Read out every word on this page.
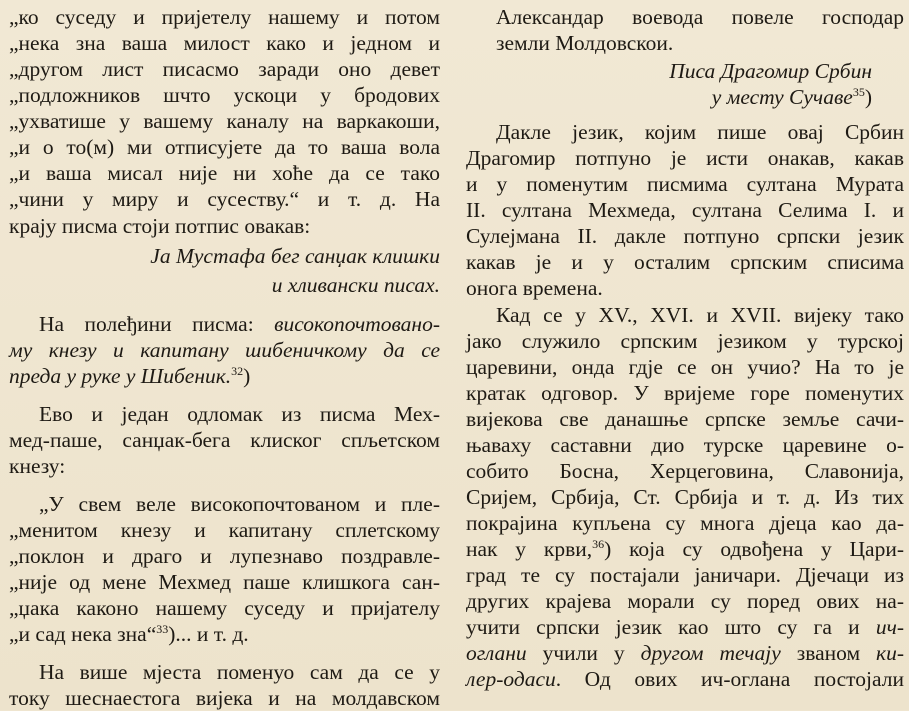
„ко суседу и пријетелу нашему и потом
„нека зна ваша милост како и једном и
„другом лист писасмо заради оно девет
„подложников шчто ускоци у бродових
„ухватише у вашему каналу на варкакоши,
„и о то(м) ми отписујете да то ваша вола
„и ваша мисал није ни хоће да се тако
„чини у миру и сусеству.“ и т. д. На
крају писма стоји потпис овакав:
Ја Мустафа бег санџак клишки
и хливански писах.
На полеђини писма: високопочтовано-
му кнезу и капитану шибеничкому да се
преда у руке у Шибеник.$^{32}$)
Ево и један одломак из писма Мех-
мед-паше, санџак-бега клиског спљетском
кнезу:
„У свем веле високопочтованом и пле-
„менитом кнезу и капитану сплетскому
„поклон и драго и лупезнаво поздравле-
„није од мене Мехмед паше клишкога сан-
„џака каконо нашему суседу и пријателу
„и сад нека зна“$^{33}$)... и т. д.
На више мјеста поменуо сам да се у
току шеснаестога вијека и на молдавском
Александар воевода повеле господар
земли Молдовскои.
Писа Драгомир Србин
у месту Сучаве$^{35}$)
Дакле језик, којим пише овај Србин
Драгомир потпуно је исти онакав, какав
и у поменутим писмима султана Мурата
II. султана Мехмеда, султана Селима I. и
Сулејмана II. дакле потпуно српски језик
какав је и у осталим српским списима
онога времена.
Кад се у XV., XVI. и XVII. вијеку тако
јако служило српским језиком у турској
царевини, онда гдје се он учио? На то је
кратак одговор. У вријеме горе поменутих
вијекова све данашње српске земље сачи-
њаваху саставни дио турске царевине о-
собито Босна, Херцеговина, Славонија,
Сријем, Србија, Ст. Србија и т. д. Из тих
покрајина купљена су многа дјеца као да-
нак у крви,$^{36}$) која су одвођена у Цари-
град те су постајали јаничари. Дјечаци из
других крајева морали су поред ових на-
учити српски језик као што су га и ич-
оглани учили у другом течају званом ки-
лер-одаси. Од ових ич-оглана постојали
